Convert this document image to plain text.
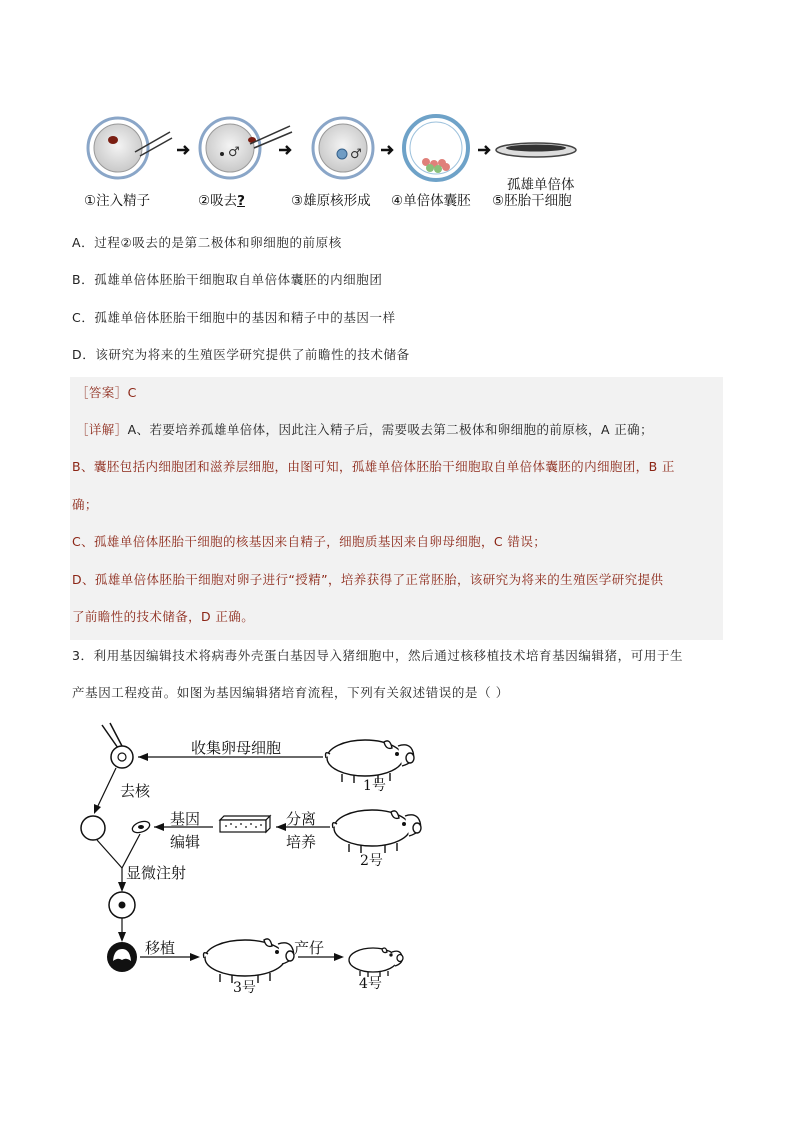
♂	♂
①注入精子	②吸去?	③雄原核形成 ④单倍体囊胚
孤雄单倍体
⑤胚胎干细胞
A．过程②吸去的是第二极体和卵细胞的前原核
B．孤雄单倍体胚胎干细胞取自单倍体囊胚的内细胞团
C．孤雄单倍体胚胎干细胞中的基因和精子中的基因一样
D．该研究为将来的生殖医学研究提供了前瞻性的技术储备
［答案］C
［详解］A、若要培养孤雄单倍体，因此注入精子后，需要吸去第二极体和卵细胞的前原核，A 正确；
B、囊胚包括内细胞团和滋养层细胞，由图可知，孤雄单倍体胚胎干细胞取自单倍体囊胚的内细胞团，B 正
确；
C、孤雄单倍体胚胎干细胞的核基因来自精子，细胞质基因来自卵母细胞，C 错误；
D、孤雄单倍体胚胎干细胞对卵子进行“授精”，培养获得了正常胚胎，该研究为将来的生殖医学研究提供
了前瞻性的技术储备，D 正确。
3．利用基因编辑技术将病毒外壳蛋白基因导入猪细胞中，然后通过核移植技术培育基因编辑猪，可用于生
产基因工程疫苗。如图为基因编辑猪培育流程，下列有关叙述错误的是（ ）
收集卵母细胞
去核
基因
编辑
分离
培养
显微注射
移植	产仔
1号
2号
3号	4号
